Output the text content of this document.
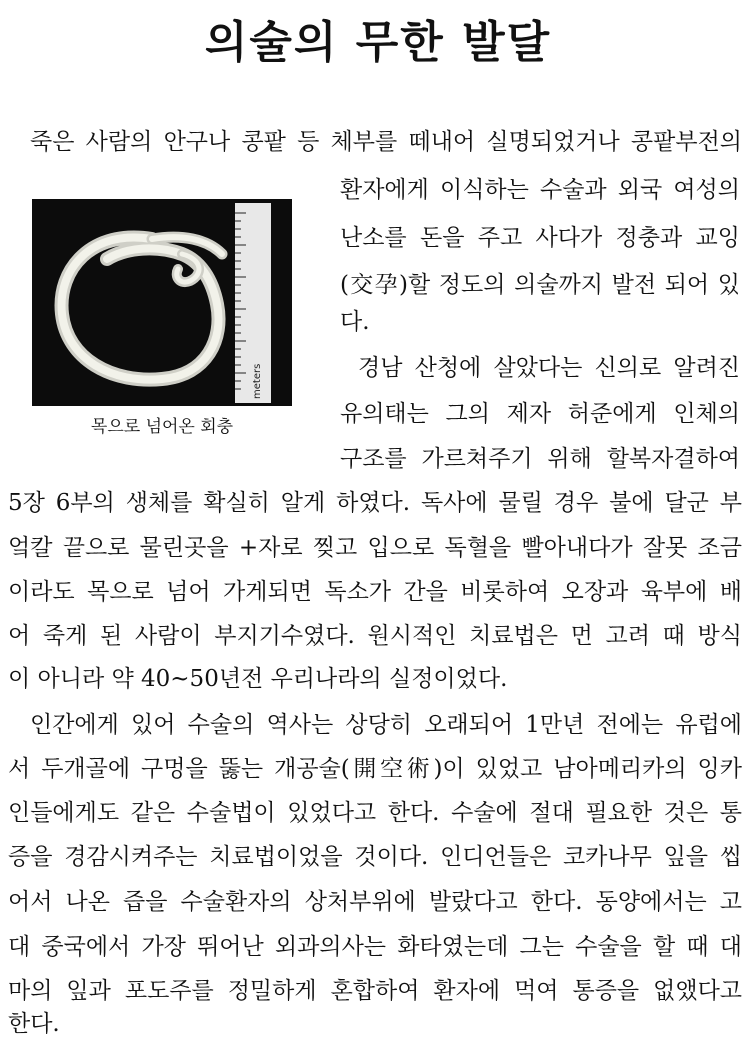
의술의 무한 발달
meters
목으로 넘어온 회충
죽은 사람의 안구나 콩팥 등 체부를 떼내어 실명되었거나 콩팥부전의
환자에게 이식하는 수술과 외국 여성의
난소를 돈을 주고 사다가 정충과 교잉
(交孕)할 정도의 의술까지 발전 되어 있
다.
경남 산청에 살았다는 신의로 알려진
유의태는 그의 제자 허준에게 인체의
구조를 가르쳐주기 위해 할복자결하여
5장 6부의 생체를 확실히 알게 하였다. 독사에 물릴 경우 불에 달군 부
엌칼 끝으로 물린곳을 +자로 찢고 입으로 독혈을 빨아내다가 잘못 조금
이라도 목으로 넘어 가게되면 독소가 간을 비롯하여 오장과 육부에 배
어 죽게 된 사람이 부지기수였다. 원시적인 치료법은 먼 고려 때 방식
이 아니라 약 40~50년전 우리나라의 실정이었다.
인간에게 있어 수술의 역사는 상당히 오래되어 1만년 전에는 유럽에
서 두개골에 구멍을 뚫는 개공술(開空術)이 있었고 남아메리카의 잉카
인들에게도 같은 수술법이 있었다고 한다. 수술에 절대 필요한 것은 통
증을 경감시켜주는 치료법이었을 것이다. 인디언들은 코카나무 잎을 씹
어서 나온 즙을 수술환자의 상처부위에 발랐다고 한다. 동양에서는 고
대 중국에서 가장 뛰어난 외과의사는 화타였는데 그는 수술을 할 때 대
마의 잎과 포도주를 정밀하게 혼합하여 환자에 먹여 통증을 없앴다고
한다.
